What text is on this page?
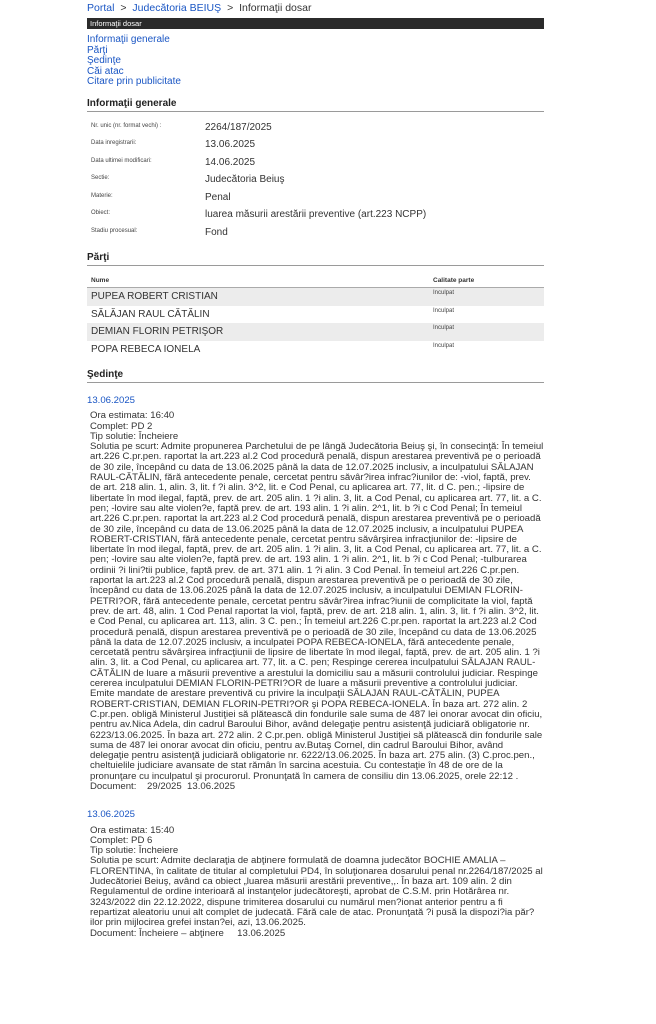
Portal > Judecătoria BEIUŞ > Informaţii dosar
Informaţii dosar
Informaţii generale
Părţi
Şedinţe
Căi atac
Citare prin publicitate
Informaţii generale
Nr. unic (nr. format vechi) :	2264/187/2025
Data inregistrarii:	13.06.2025
Data ultimei modificari:	14.06.2025
Sectie:	Judecătoria Beiuş
Materie:	Penal
Obiect:	luarea măsurii arestării preventive (art.223 NCPP)
Stadiu procesual:	Fond
Părţi
Nume	Calitate parte
PUPEA ROBERT CRISTIAN	Inculpat
SĂLĂJAN RAUL CĂTĂLIN	Inculpat
DEMIAN FLORIN PETRIŞOR	Inculpat
POPA REBECA IONELA	Inculpat
Şedinţe
13.06.2025
Ora estimata: 16:40
Complet: PD 2
Tip solutie: Încheiere
Solutia pe scurt: Admite propunerea Parchetului de pe lângă Judecătoria Beiuş şi, în consecinţă: În temeiul art.226 C.pr.pen. raportat la art.223 al.2 Cod procedură penală, dispun arestarea preventivă pe o perioadă de 30 zile, începând cu data de 13.06.2025 până la data de 12.07.2025 inclusiv, a inculpatului SĂLAJAN RAUL-CĂTĂLIN, fără antecedente penale, cercetat pentru săvâr?irea infrac?iunilor de: -viol, faptă, prev. de art. 218 alin. 1, alin. 3, lit. f ?i alin. 3^2, lit. e Cod Penal, cu aplicarea art. 77, lit. d C. pen.; -lipsire de libertate în mod ilegal, faptă, prev. de art. 205 alin. 1 ?i alin. 3, lit. a Cod Penal, cu aplicarea art. 77, lit. a C. pen; -lovire sau alte violen?e, faptă prev. de art. 193 alin. 1 ?i alin. 2^1, lit. b ?i c Cod Penal; În temeiul art.226 C.pr.pen. raportat la art.223 al.2 Cod procedură penală, dispun arestarea preventivă pe o perioadă de 30 zile, începând cu data de 13.06.2025 până la data de 12.07.2025 inclusiv, a inculpatului PUPEA ROBERT-CRISTIAN, fără antecedente penale, cercetat pentru săvârşirea infracţiunilor de: -lipsire de libertate în mod ilegal, faptă, prev. de art. 205 alin. 1 ?i alin. 3, lit. a Cod Penal, cu aplicarea art. 77, lit. a C. pen; -lovire sau alte violen?e, faptă prev. de art. 193 alin. 1 ?i alin. 2^1, lit. b ?i c Cod Penal; -tulburarea ordinii ?i lini?tii publice, faptă prev. de art. 371 alin. 1 ?i alin. 3 Cod Penal. În temeiul art.226 C.pr.pen. raportat la art.223 al.2 Cod procedură penală, dispun arestarea preventivă pe o perioadă de 30 zile, începând cu data de 13.06.2025 până la data de 12.07.2025 inclusiv, a inculpatului DEMIAN FLORIN-PETRI?OR, fără antecedente penale, cercetat pentru săvâr?irea infrac?iunii de complicitate la viol, faptă prev. de art. 48, alin. 1 Cod Penal raportat la viol, faptă, prev. de art. 218 alin. 1, alin. 3, lit. f ?i alin. 3^2, lit. e Cod Penal, cu aplicarea art. 113, alin. 3 C. pen.; În temeiul art.226 C.pr.pen. raportat la art.223 al.2 Cod procedură penală, dispun arestarea preventivă pe o perioadă de 30 zile, începând cu data de 13.06.2025 până la data de 12.07.2025 inclusiv, a inculpatei POPA REBECA-IONELA, fără antecedente penale, cercetată pentru săvârşirea infracţiunii de lipsire de libertate în mod ilegal, faptă, prev. de art. 205 alin. 1 ?i alin. 3, lit. a Cod Penal, cu aplicarea art. 77, lit. a C. pen; Respinge cererea inculpatului SĂLAJAN RAUL-CĂTĂLIN de luare a măsurii preventive a arestului la domiciliu sau a măsurii controlului judiciar. Respinge cererea inculpatului DEMIAN FLORIN-PETRI?OR de luare a măsurii preventive a controlului judiciar. Emite mandate de arestare preventivă cu privire la inculpaţii SĂLAJAN RAUL-CĂTĂLIN, PUPEA ROBERT-CRISTIAN, DEMIAN FLORIN-PETRI?OR şi POPA REBECA-IONELA. În baza art. 272 alin. 2 C.pr.pen. obligă Ministerul Justiţiei să plătească din fondurile sale suma de 487 lei onorar avocat din oficiu, pentru av.Nica Adela, din cadrul Baroului Bihor, având delegaţie pentru asistenţă judiciară obligatorie nr. 6223/13.06.2025. În baza art. 272 alin. 2 C.pr.pen. obligă Ministerul Justiţiei să plătească din fondurile sale suma de 487 lei onorar avocat din oficiu, pentru av.Butaş Cornel, din cadrul Baroului Bihor, având delegaţie pentru asistenţă judiciară obligatorie nr. 6222/13.06.2025. În baza art. 275 alin. (3) C.proc.pen., cheltuielile judiciare avansate de stat rămân în sarcina acestuia. Cu contestaţie în 48 de ore de la pronunţare cu inculpatul şi procurorul. Pronunţată în camera de consiliu din 13.06.2025, orele 22:12 .
Document:    29/2025  13.06.2025
13.06.2025
Ora estimata: 15:40
Complet: PD 6
Tip solutie: Încheiere
Solutia pe scurt: Admite declaraţia de abţinere formulată de doamna judecător BOCHIE AMALIA – FLORENTINA, în calitate de titular al completului PD4, în soluţionarea dosarului penal nr.2264/187/2025 al Judecătoriei Beiuş, având ca obiect „luarea măsurii arestării preventive,,. În baza art. 109 alin. 2 din Regulamentul de ordine interioară al instanţelor judecătoreşti, aprobat de C.S.M. prin Hotărârea nr. 3243/2022 din 22.12.2022, dispune trimiterea dosarului cu numărul men?ionat anterior pentru a fi repartizat aleatoriu unui alt complet de judecată. Fără cale de atac. Pronunţată ?i pusă la dispozi?ia păr?ilor prin mijlocirea grefei instan?ei, azi, 13.06.2025.
Document: Încheiere – abţinere     13.06.2025
